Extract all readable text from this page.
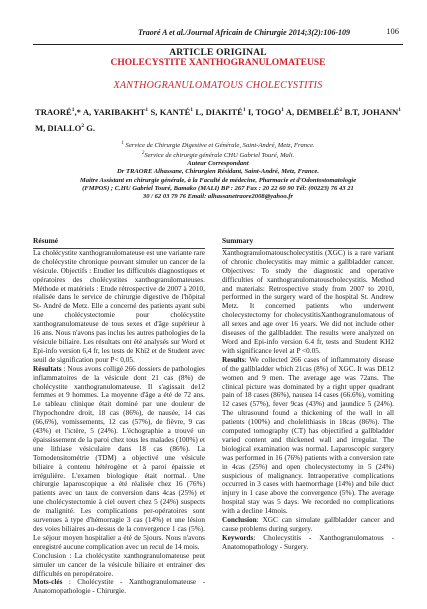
Traoré A et al./Journal Africain de Chirurgie 2014;3(2):106-109	106
ARTICLE ORIGINAL
CHOLECYSTITE XANTHOGRANULOMATEUSE
XANTHOGRANULOMATOUS CHOLECYSTITIS
TRAORÉ$^1$,* A, YARIBAKHT$^1$ S, KANTÉ$^1$ L, DIAKITÉ$^1$ I, TOGO$^1$ A, DEMBELÉ$^2$ B.T, JOHANN$^1$ M, DIALLO$^2$ G.
$^1$ Service de Chirurgie Digestive et Générale, Saint-André, Metz, France.
$^2$Service de chirurgie générale CHU Gabriel Touré, Mali.
Auteur Correspondant
Dr TRAORE Alhassane, Chirurgien Résidant, Saint-André, Metz, France.
Maitre Assistant en chirurgie générale, à la Faculté de médecine, Pharmacie et d'Odontostomatologie
(FMPOS) ; C.HU Gabriel Touré, Bamako (MALI) BP : 267 Fax : 20 22 60 90 Tél: (00223) 76 43 21
30 / 62 03 79 76 Email: alhassanetraore2008@yahoo.fr
Résumé

La cholécystite xanthogranulomateuse est une variante rare de cholécystite chronique pouvant simuler un cancer de la vésicule. Objectifs : Etudier les difficultés diagnostiques et opératoires des cholécystites xanthogranulomateuses. Méthode et matériels : Etude rétrospective de 2007 à 2010, réalisée dans le service de chirurgie digestive de l'hôpital St- André de Metz. Elle a concerné des patients ayant subi une cholécystectomie pour cholécystite xanthogranulomateuse de tous sexes et d'âge supérieur à 16 ans. Nous n'avons pas inclus les autres pathologies de la vésicule biliaire. Les résultats ont été analysés sur Word et Epi-info version 6,4 fr, les tests de Khi2 et de Student avec seuil de signification pour P< 0,05.

Résultats : Nous avons colligé 266 dossiers de pathologies inflammatoires de la vésicule dont 21 cas (8%) de cholécystite xanthogranulomateuse. Il s'agissait de12 femmes et 9 hommes. La moyenne d'âge a été de 72 ans. Le tableau clinique était dominé par une douleur de l'hypochondre droit, 18 cas (86%), de nausée, 14 cas (66,6%), vomissements, 12 cas (57%), de fièvre, 9 cas (43%) et l'ictère, 5 (24%). L'échographie a trouvé un épaississement de la paroi chez tous les malades (100%) et une lithiase vésiculaire dans 18 cas (86%). La Tomodensitométrie (TDM) a objectivé une vésicule biliaire à contenu hétérogène et à paroi épaissie et irrégulière. L'examen biologique était normal. Une chirurgie laparoscopique a été réalisée chez 16 (76%) patients avec un taux de conversion dans 4cas (25%) et une cholécystectomie à ciel ouvert chez 5 (24%) suspects de malignité. Les complications per-opératoires sont survenues à type d'hémorragie 3 cas (14%) et une lésion des voies biliaires au-dessus de la convergence 1 cas (5%). Le séjour moyen hospitalier a été de 5jours. Nous n'avons enregistré aucune complication avec un recul de 14 mois.

Conclusion : La cholécystite xanthogranulomateuse peut simuler un cancer de la vésicule biliaire et entrainer des difficultés en peropératoire.

Mots-clés : Cholécystite - Xanthogranulomateuse - Anatomopathologie - Chirurgie.

Summary

Xanthogranulomatouscholecystitis (XGC) is a rare variant of chronic cholecystitis may mimic a gallbladder cancer. Objectives: To study the diagnostic and operative difficulties of xanthogranulomatouscholecystitis. Method and materials: Retrospective study from 2007 to 2010, performed in the surgery ward of the hospital St. Andrew Metz. It concerned patients who underwent cholecystectomy for cholecystitisXanthogranulomatous of all sexes and age over 16 years. We did not include other diseases of the gallbladder. The results were analyzed on Word and Epi-info version 6.4 fr, tests and Student KH2 with significance level at P <0.05.

Results: We collected 266 cases of inflammatory disease of the gallbladder which 21cas (8%) of XGC. It was DE12 women and 9 men. The average age was 72ans. The clinical picture was dominated by a right upper quadrant pain of 18 cases (86%), nausea 14 cases (66.6%), vomiting 12 cases (57%), fever 9cas (43%) and jaundice 5 (24%). The ultrasound found a thickening of the wall in all patients (100%) and cholelithiasis in 18cas (86%). The computed tomography (CT) has objectified a gallbladder varied content and thickened wall and irregular. The biological examination was normal. Laparoscopic surgery was performed in 16 (76%) patients with a conversion rate in 4cas (25%) and open cholecystectomy in 5 (24%) suspicious of malignancy. Intraoperative complications occurred in 3 cases with haemorrhage (14%) and bile duct injury in 1 case above the convergence (5%). The average hospital stay was 5 days. We recorded no complications with a decline 14mois.

Conclusion: XGC can simulate gallbladder cancer and cause problems during surgery.

Keywords: Cholecystitis - Xanthogranulomatous - Anatomopathology - Surgery.
